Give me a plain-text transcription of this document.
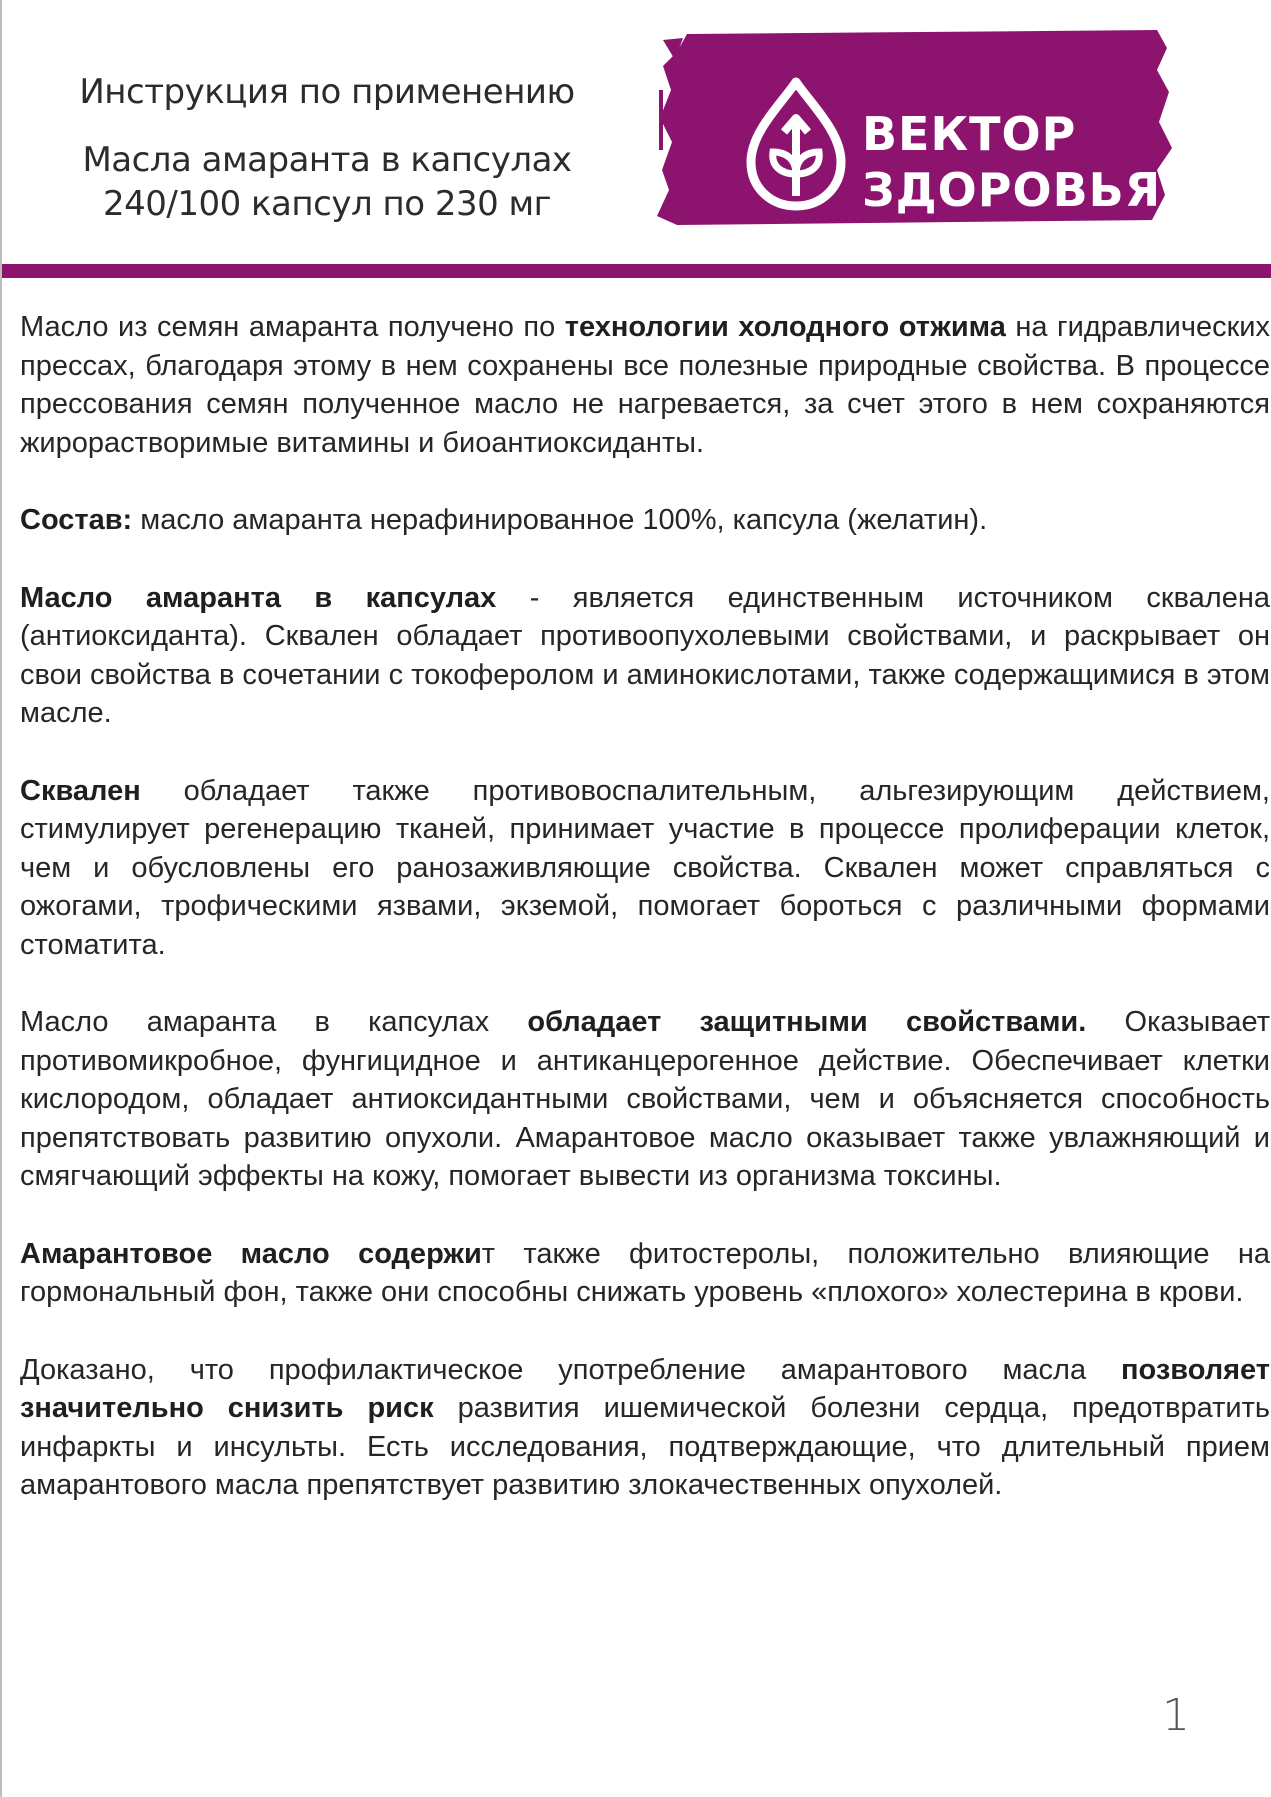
Инструкция по применению
Масла амаранта в капсулах
240/100 капсул по 230 мг
ВЕКТОР
ЗДОРОВЬЯ

Масло из семян амаранта получено по технологии холодного отжима на гидравлических прессах, благодаря этому в нем сохранены все полезные природные свойства. В процессе прессования семян полученное масло не нагревается, за счет этого в нем сохраняются жирорастворимые витамины и биоантиоксиданты.

Состав: масло амаранта нерафинированное 100%, капсула (желатин).

Масло амаранта в капсулах - является единственным источником сквалена (антиоксиданта). Сквален обладает противоопухолевыми свойствами, и раскрывает он свои свойства в сочетании с токоферолом и аминокислотами, также содержащимися в этом масле.

Сквален обладает также противовоспалительным, альгезирующим действием, стимулирует регенерацию тканей, принимает участие в процессе пролиферации клеток, чем и обусловлены его ранозаживляющие свойства. Сквален может справляться с ожогами, трофическими язвами, экземой, помогает бороться с различными формами стоматита.

Масло амаранта в капсулах обладает защитными свойствами. Оказывает противомикробное, фунгицидное и антиканцерогенное действие. Обеспечивает клетки кислородом, обладает антиоксидантными свойствами, чем и объясняется способность препятствовать развитию опухоли. Амарантовое масло оказывает также увлажняющий и смягчающий эффекты на кожу, помогает вывести из организма токсины.

Амарантовое масло содержит также фитостеролы, положительно влияющие на гормональный фон, также они способны снижать уровень «плохого» холестерина в крови.

Доказано, что профилактическое употребление амарантового масла позволяет значительно снизить риск развития ишемической болезни сердца, предотвратить инфаркты и инсульты. Есть исследования, подтверждающие, что длительный прием амарантового масла препятствует развитию злокачественных опухолей.

1
